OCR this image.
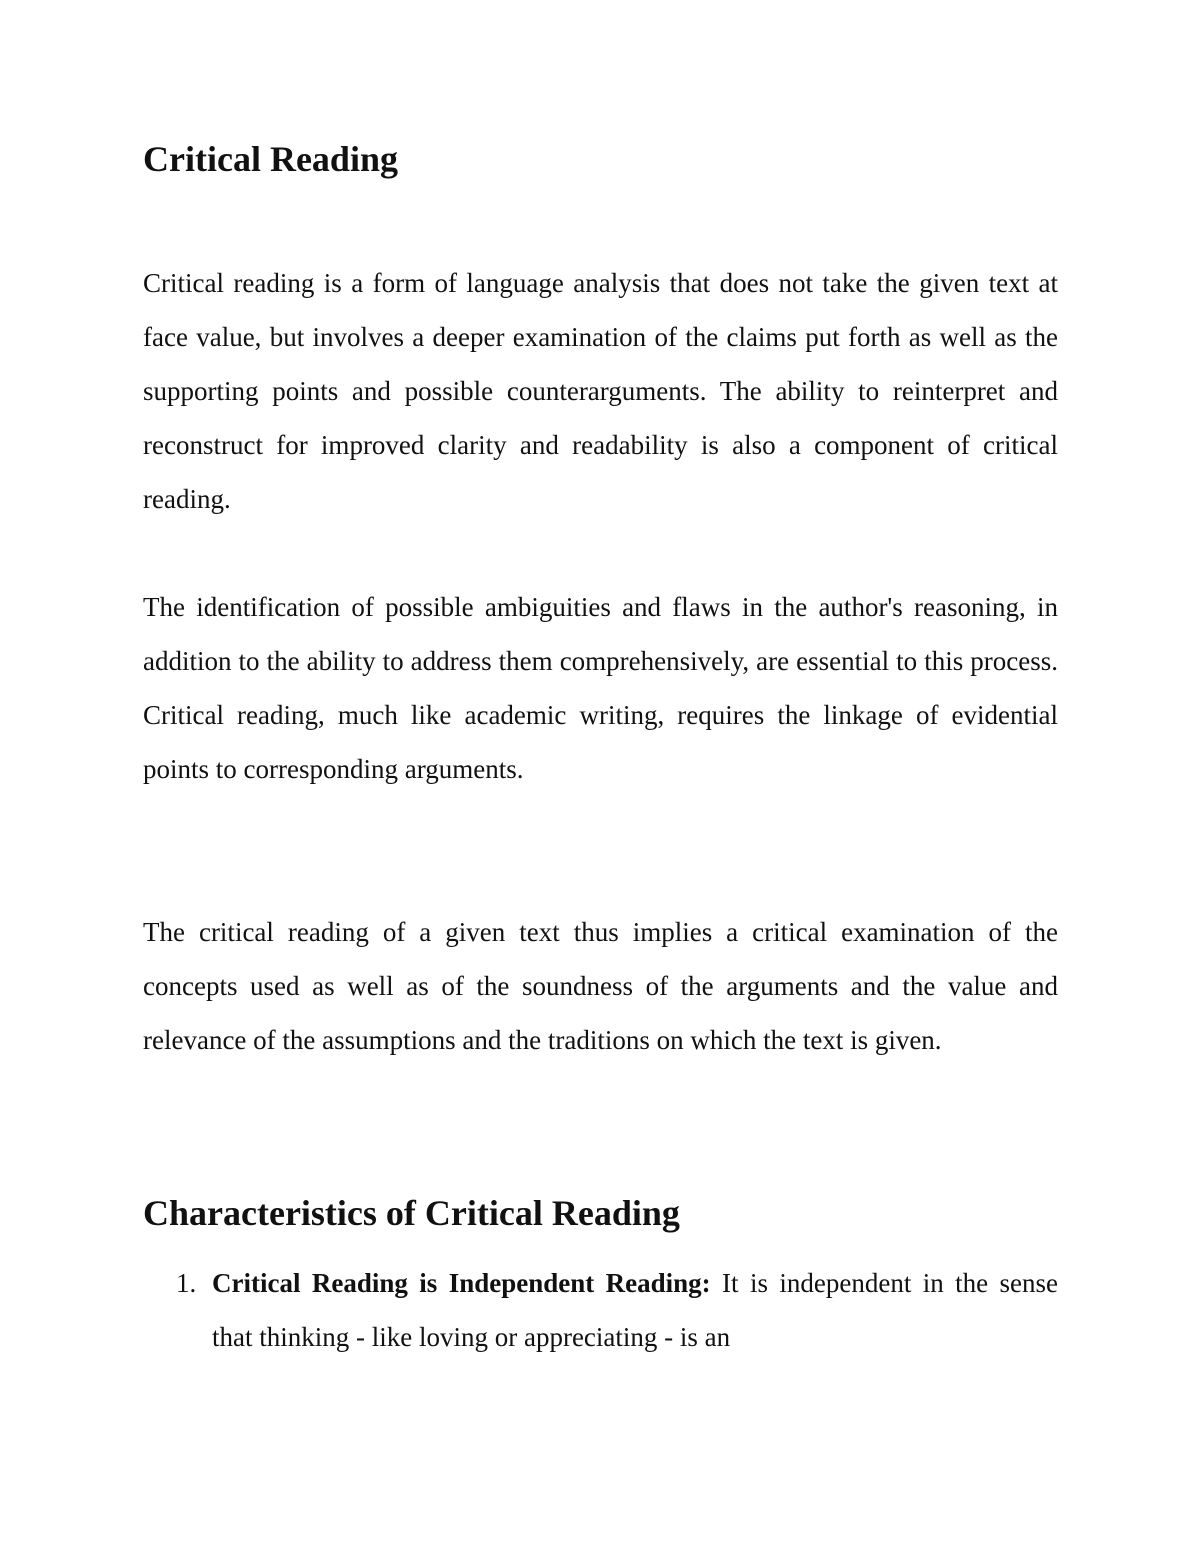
Critical Reading

Critical reading is a form of language analysis that does not take the given text at face value, but involves a deeper examination of the claims put forth as well as the supporting points and possible counterarguments. The ability to reinterpret and reconstruct for improved clarity and readability is also a component of critical reading.

The identification of possible ambiguities and flaws in the author's reasoning, in addition to the ability to address them comprehensively, are essential to this process. Critical reading, much like academic writing, requires the linkage of evidential points to corresponding arguments.

The critical reading of a given text thus implies a critical examination of the concepts used as well as of the soundness of the arguments and the value and relevance of the assumptions and the traditions on which the text is given.

Characteristics of Critical Reading
1. Critical Reading is Independent Reading: It is independent in the sense that thinking - like loving or appreciating - is an
